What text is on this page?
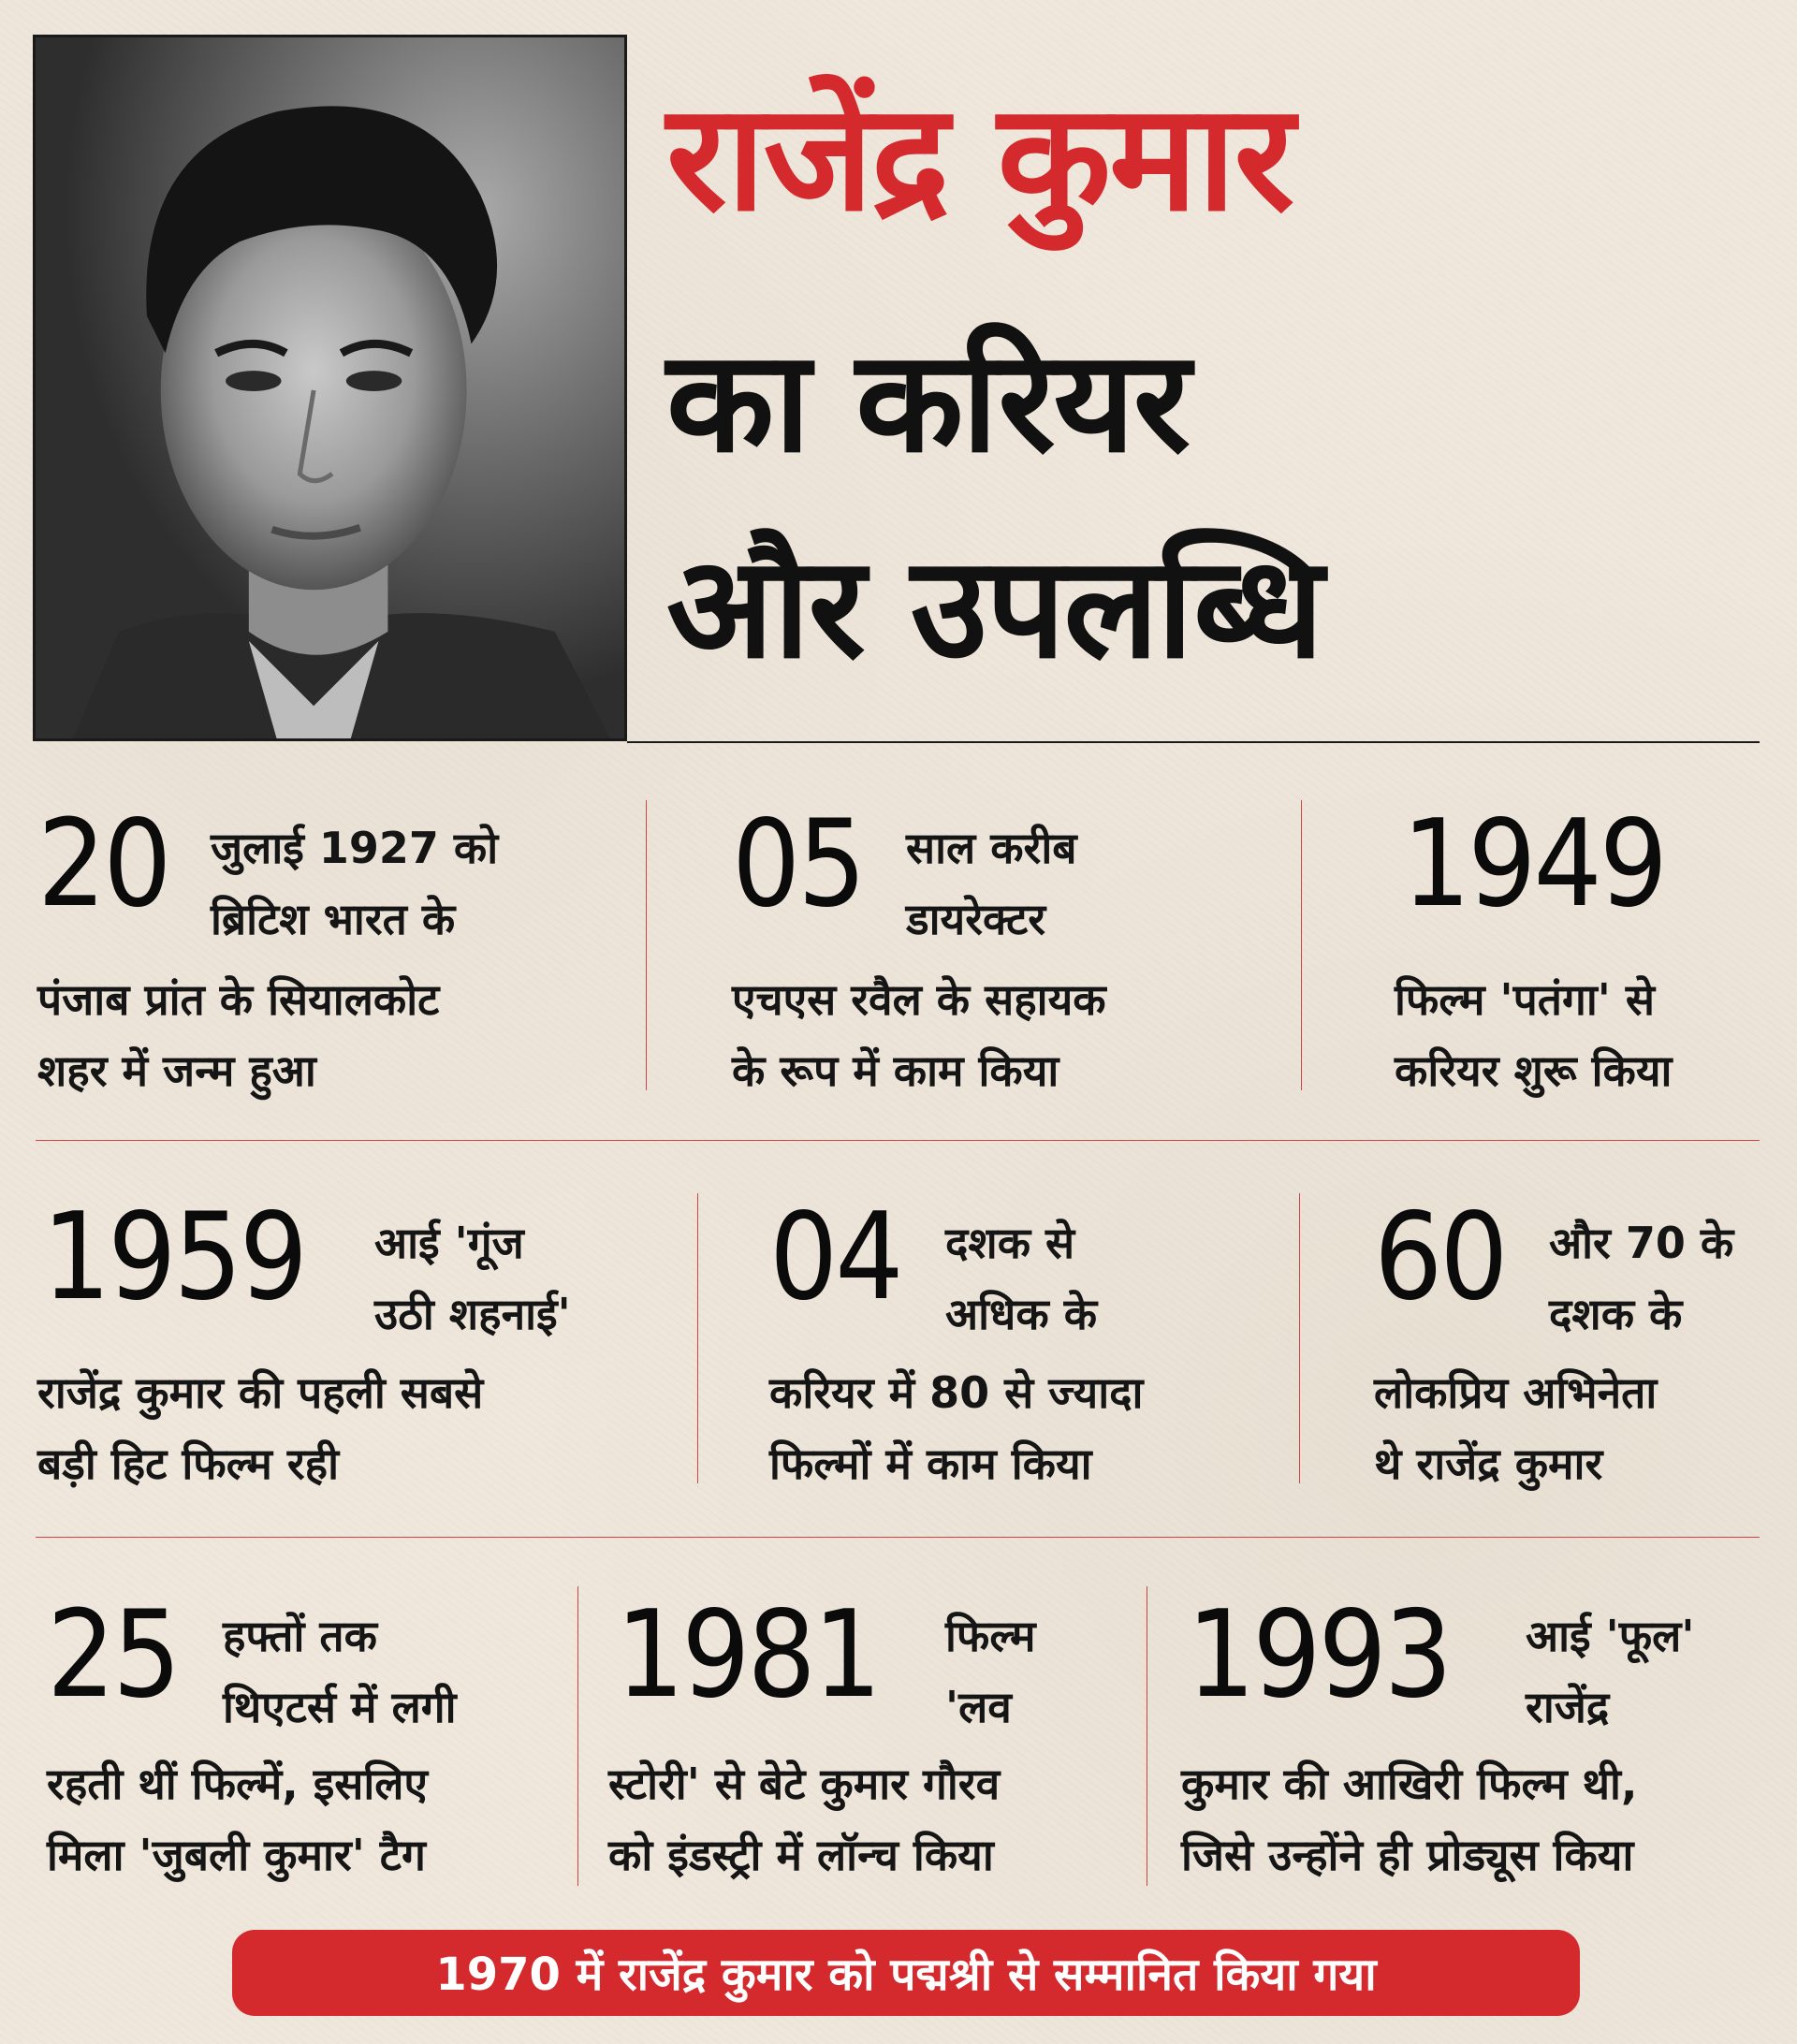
राजेंद्र कुमार
का करियर
और उपलब्धि
20 जुलाई 1927 को
ब्रिटिश भारत के
पंजाब प्रांत के सियालकोट
शहर में जन्म हुआ
05 साल करीब
डायरेक्टर
एचएस रवैल के सहायक
के रूप में काम किया
1949
फिल्म 'पतंगा' से
करियर शुरू किया
1959 आई 'गूंज
उठी शहनाई'
राजेंद्र कुमार की पहली सबसे
बड़ी हिट फिल्म रही
04 दशक से
अधिक के
करियर में 80 से ज्यादा
फिल्मों में काम किया
60 और 70 के
दशक के
लोकप्रिय अभिनेता
थे राजेंद्र कुमार
25 हफ्तों तक
थिएटर्स में लगी
रहती थीं फिल्में, इसलिए
मिला 'जुबली कुमार' टैग
1981 फिल्म
'लव
स्टोरी' से बेटे कुमार गौरव
को इंडस्ट्री में लॉन्च किया
1993 आई 'फूल'
राजेंद्र
कुमार की आखिरी फिल्म थी,
जिसे उन्होंने ही प्रोड्यूस किया
1970 में राजेंद्र कुमार को पद्मश्री से सम्मानित किया गया
